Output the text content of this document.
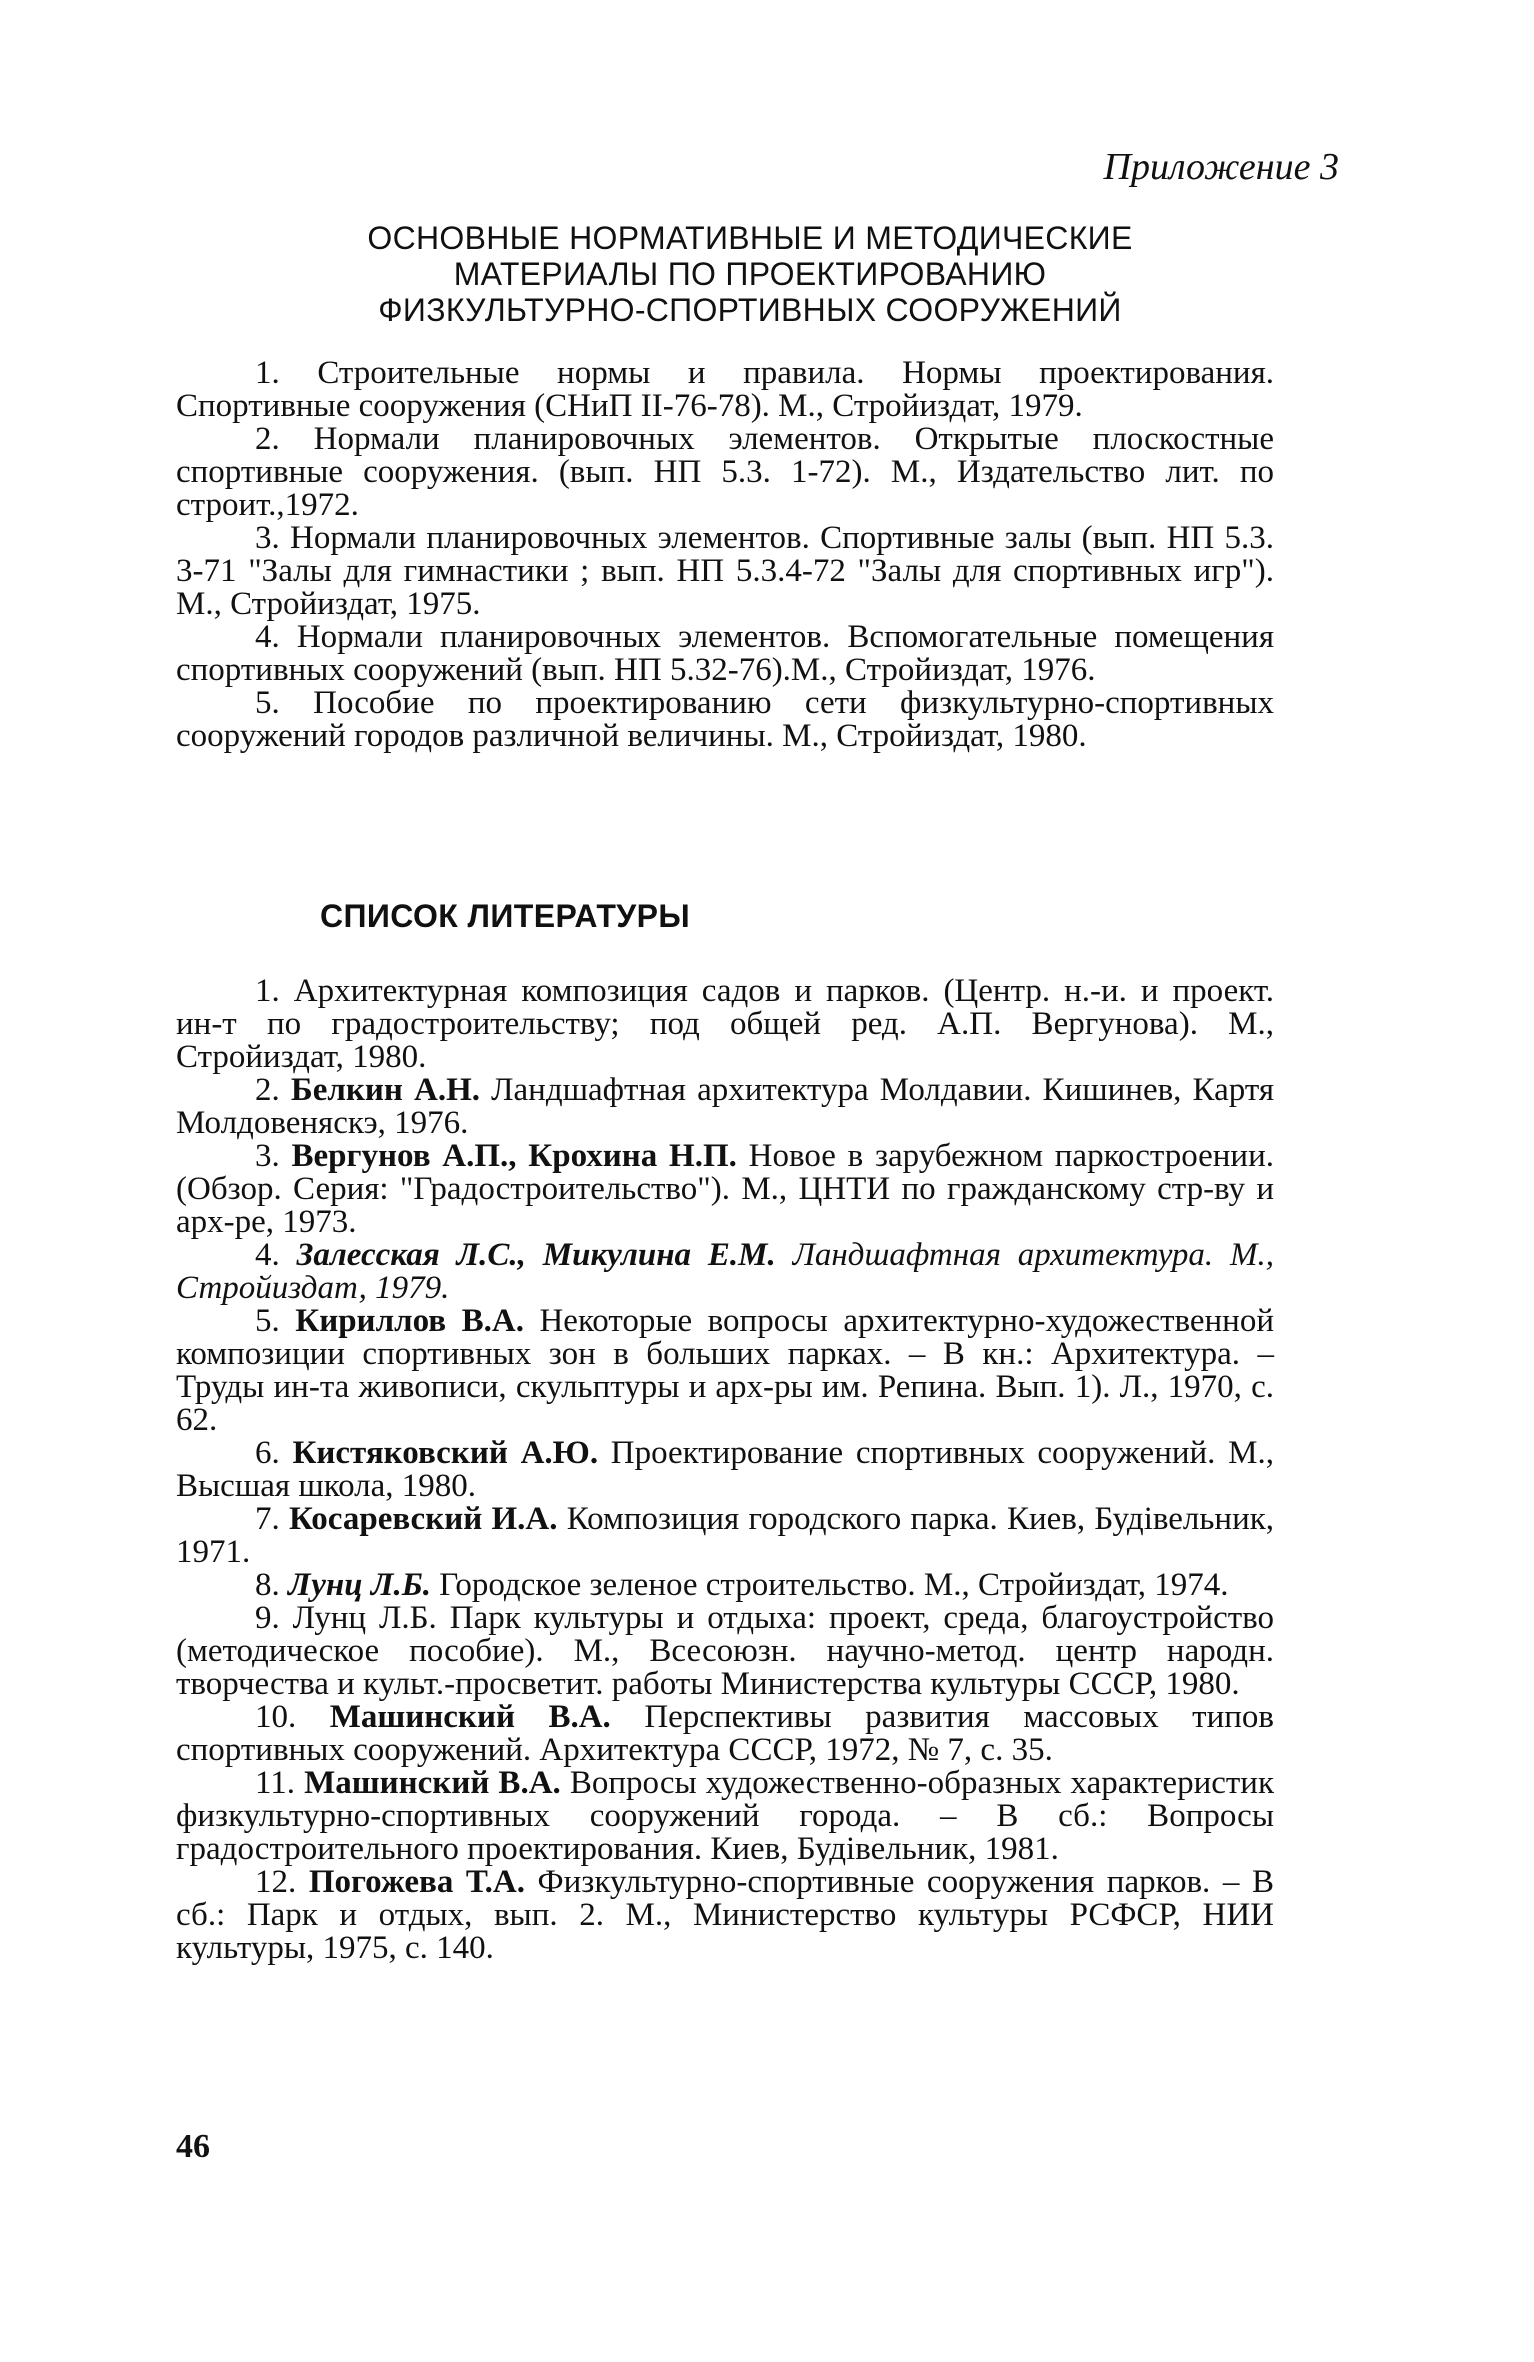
Приложение 3
ОСНОВНЫЕ НОРМАТИВНЫЕ И МЕТОДИЧЕСКИЕ МАТЕРИАЛЫ ПО ПРОЕКТИРОВАНИЮ ФИЗКУЛЬТУРНО-СПОРТИВНЫХ СООРУЖЕНИЙ

1. Строительные нормы и правила. Нормы проектирования. Спортивные сооружения (СНиП II-76-78). М., Стройиздат, 1979.

2. Нормали планировочных элементов. Открытые плоскостные спортивные сооружения. (вып. НП 5.3. 1-72). М., Издательство лит. по строит.,1972.

3. Нормали планировочных элементов. Спортивные залы (вып. НП 5.3. 3-71 "Залы для гимнастики ; вып. НП 5.3.4-72 "Залы для спортивных игр"). М., Стройиздат, 1975.

4. Нормали планировочных элементов. Вспомогательные помещения спортивных сооружений (вып. НП 5.32-76).М., Стройиздат, 1976.

5. Пособие по проектированию сети физкультурно-спортивных сооружений городов различной величины. М., Стройиздат, 1980.

СПИСОК ЛИТЕРАТУРЫ

1. Архитектурная композиция садов и парков. (Центр. н.-и. и проект. ин-т по градостроительству; под общей ред. А.П. Вергунова). М., Стройиздат, 1980.

2. Белкин А.Н. Ландшафтная архитектура Молдавии. Кишинев, Картя Молдовеняскэ, 1976.

3. Вергунов А.П., Крохина Н.П. Новое в зарубежном паркостроении. (Обзор. Серия: "Градостроительство"). М., ЦНТИ по гражданскому стр-ву и арх-ре, 1973.

4. Залесская Л.С., Микулина Е.М. Ландшафтная архитектура. М., Стройиздат, 1979.

5. Кириллов В.А. Некоторые вопросы архитектурно-художественной композиции спортивных зон в больших парках. – В кн.: Архитектура. – Труды ин-та живописи, скульптуры и арх-ры им. Репина. Вып. 1). Л., 1970, с. 62.

6. Кистяковский А.Ю. Проектирование спортивных сооружений. М., Высшая школа, 1980.

7. Косаревский И.А. Композиция городского парка. Киев, Будiвельник, 1971.

8. Лунц Л.Б. Городское зеленое строительство. М., Стройиздат, 1974.

9. Лунц Л.Б. Парк культуры и отдыха: проект, среда, благоустройство (методическое пособие). М., Всесоюзн. научно-метод. центр народн. творчества и культ.-просветит. работы Министерства культуры СССР, 1980.

10. Машинский В.А. Перспективы развития массовых типов спортивных сооружений. Архитектура СССР, 1972, № 7, с. 35.

11. Машинский В.А. Вопросы художественно-образных характеристик физкультурно-спортивных сооружений города. – В сб.: Вопросы градостроительного проектирования. Киев, Будiвельник, 1981.

12. Погожева Т.А. Физкультурно-спортивные сооружения парков. – В сб.: Парк и отдых, вып. 2. М., Министерство культуры РСФСР, НИИ культуры, 1975, с. 140.

46
